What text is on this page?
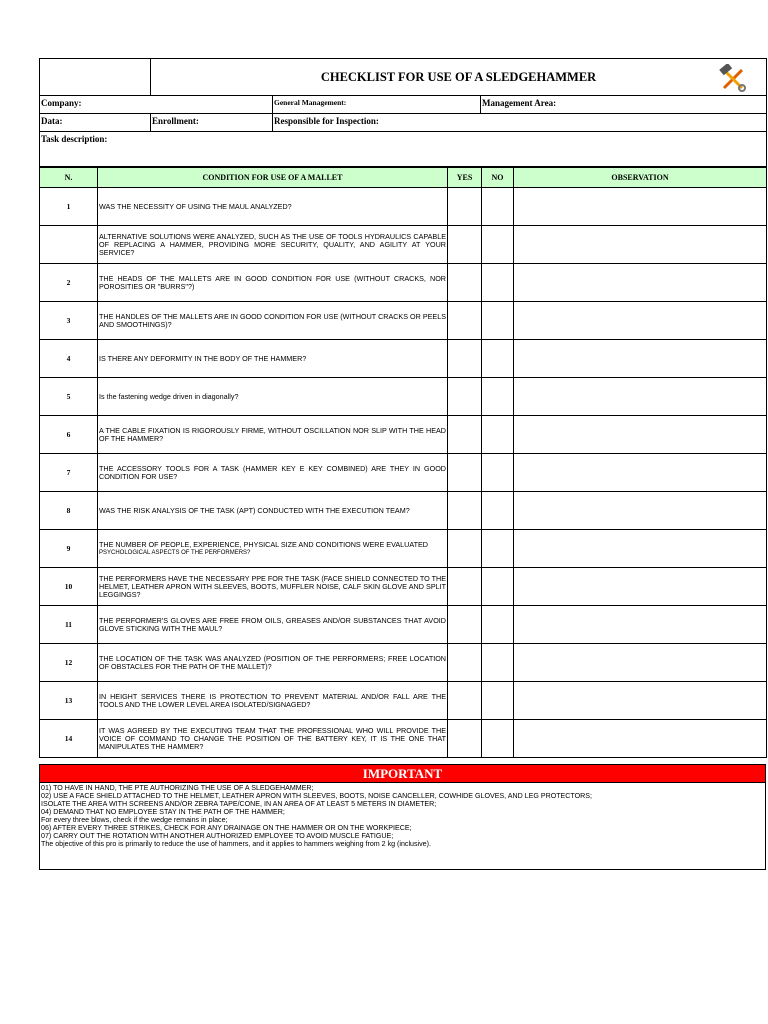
	CHECKLIST FOR USE OF A SLEDGEHAMMER		

Company:		General Management:	Management Area:
Data:	Enrollment:	Responsible for Inspection:	
Task description:			
N.	CONDITION FOR USE OF A MALLET	YES	NO	OBSERVATION
1	WAS THE NECESSITY OF USING THE MAUL ANALYZED?			

	ALTERNATIVE SOLUTIONS WERE ANALYZED, SUCH AS THE USE OF TOOLS HYDRAULICS CAPABLE OF REPLACING A HAMMER, PROVIDING MORE SECURITY, QUALITY, AND AGILITY AT YOUR SERVICE?			

2	THE HEADS OF THE MALLETS ARE IN GOOD CONDITION FOR USE (WITHOUT CRACKS, NOR POROSITIES OR "BURRS"?)			

3	THE HANDLES OF THE MALLETS ARE IN GOOD CONDITION FOR USE (WITHOUT CRACKS OR PEELS AND SMOOTHINGS)?			

4	IS THERE ANY DEFORMITY IN THE BODY OF THE HAMMER?			

5	Is the fastening wedge driven in diagonally?			

6	A THE CABLE FIXATION IS RIGOROUSLY FIRME, WITHOUT OSCILLATION NOR SLIP WITH THE HEAD OF THE HAMMER?			

7	THE ACCESSORY TOOLS FOR A TASK (HAMMER KEY E KEY COMBINED) ARE THEY IN GOOD CONDITION FOR USE?			

8	WAS THE RISK ANALYSIS OF THE TASK (APT) CONDUCTED WITH THE EXECUTION TEAM?			

9	THE NUMBER OF PEOPLE, EXPERIENCE, PHYSICAL SIZE AND CONDITIONS WERE EVALUATED
PSYCHOLOGICAL ASPECTS OF THE PERFORMERS?			

10	THE PERFORMERS HAVE THE NECESSARY PPE FOR THE TASK (FACE SHIELD CONNECTED TO THE HELMET, LEATHER APRON WITH SLEEVES, BOOTS, MUFFLER NOISE, CALF SKIN GLOVE AND SPLIT LEGGINGS?			

11	THE PERFORMER'S GLOVES ARE FREE FROM OILS, GREASES AND/OR SUBSTANCES THAT AVOID GLOVE STICKING WITH THE MAUL?			

12	THE LOCATION OF THE TASK WAS ANALYZED (POSITION OF THE PERFORMERS; FREE LOCATION OF OBSTACLES FOR THE PATH OF THE MALLET)?			

13	IN HEIGHT SERVICES THERE IS PROTECTION TO PREVENT MATERIAL AND/OR FALL ARE THE TOOLS AND THE LOWER LEVEL AREA ISOLATED/SIGNAGED?			

14	IT WAS AGREED BY THE EXECUTING TEAM THAT THE PROFESSIONAL WHO WILL PROVIDE THE VOICE OF COMMAND TO CHANGE THE POSITION OF THE BATTERY KEY, IT IS THE ONE THAT MANIPULATES THE HAMMER?			

IMPORTANT

01) TO HAVE IN HAND, THE PTE AUTHORIZING THE USE OF A SLEDGEHAMMER;
02) USE A FACE SHIELD ATTACHED TO THE HELMET, LEATHER APRON WITH SLEEVES, BOOTS, NOISE CANCELLER, COWHIDE GLOVES, AND LEG PROTECTORS;
ISOLATE THE AREA WITH SCREENS AND/OR ZEBRA TAPE/CONE, IN AN AREA OF AT LEAST 5 METERS IN DIAMETER;
04) DEMAND THAT NO EMPLOYEE STAY IN THE PATH OF THE HAMMER;
For every three blows, check if the wedge remains in place;
06) AFTER EVERY THREE STRIKES, CHECK FOR ANY DRAINAGE ON THE HAMMER OR ON THE WORKPIECE;
07) CARRY OUT THE ROTATION WITH ANOTHER AUTHORIZED EMPLOYEE TO AVOID MUSCLE FATIGUE;
The objective of this pro is primarily to reduce the use of hammers, and it applies to hammers weighing from 2 kg (inclusive).
